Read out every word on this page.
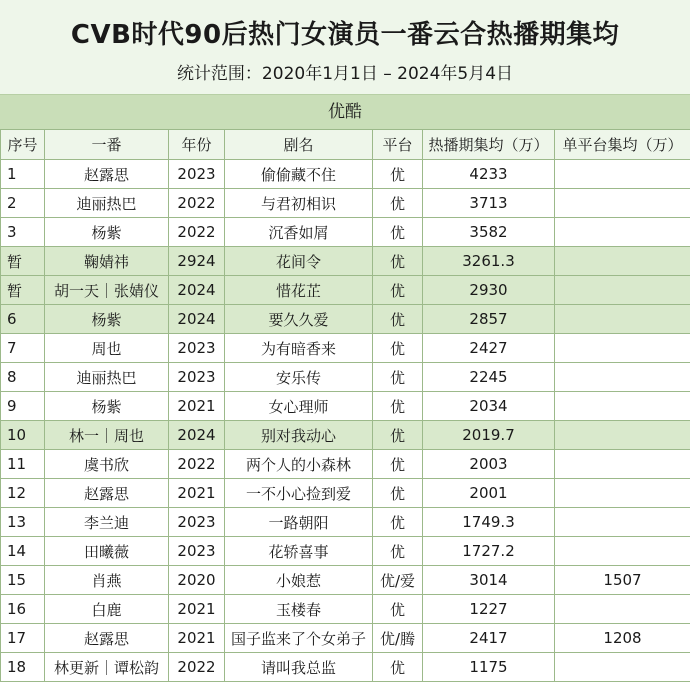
CVB时代90后热门女演员一番云合热播期集均
统计范围：2020年1月1日 – 2024年5月4日
优酷
序号	一番	年份	剧名	平台	热播期集均（万）	单平台集均（万）
1	赵露思	2023	偷偷藏不住	优	4233	
2	迪丽热巴	2022	与君初相识	优	3713	
3	杨紫	2022	沉香如屑	优	3582	
暂	鞠婧祎	2924	花间令	优	3261.3	
暂	胡一天｜张婧仪	2024	惜花芷	优	2930	
6	杨紫	2024	要久久爱	优	2857	
7	周也	2023	为有暗香来	优	2427	
8	迪丽热巴	2023	安乐传	优	2245	
9	杨紫	2021	女心理师	优	2034	
10	林一｜周也	2024	别对我动心	优	2019.7	
11	虞书欣	2022	两个人的小森林	优	2003	
12	赵露思	2021	一不小心捡到爱	优	2001	
13	李兰迪	2023	一路朝阳	优	1749.3	
14	田曦薇	2023	花轿喜事	优	1727.2	
15	肖燕	2020	小娘惹	优/爱	3014	1507
16	白鹿	2021	玉楼春	优	1227	
17	赵露思	2021	国子监来了个女弟子	优/腾	2417	1208
18	林更新｜谭松韵	2022	请叫我总监	优	1175	
